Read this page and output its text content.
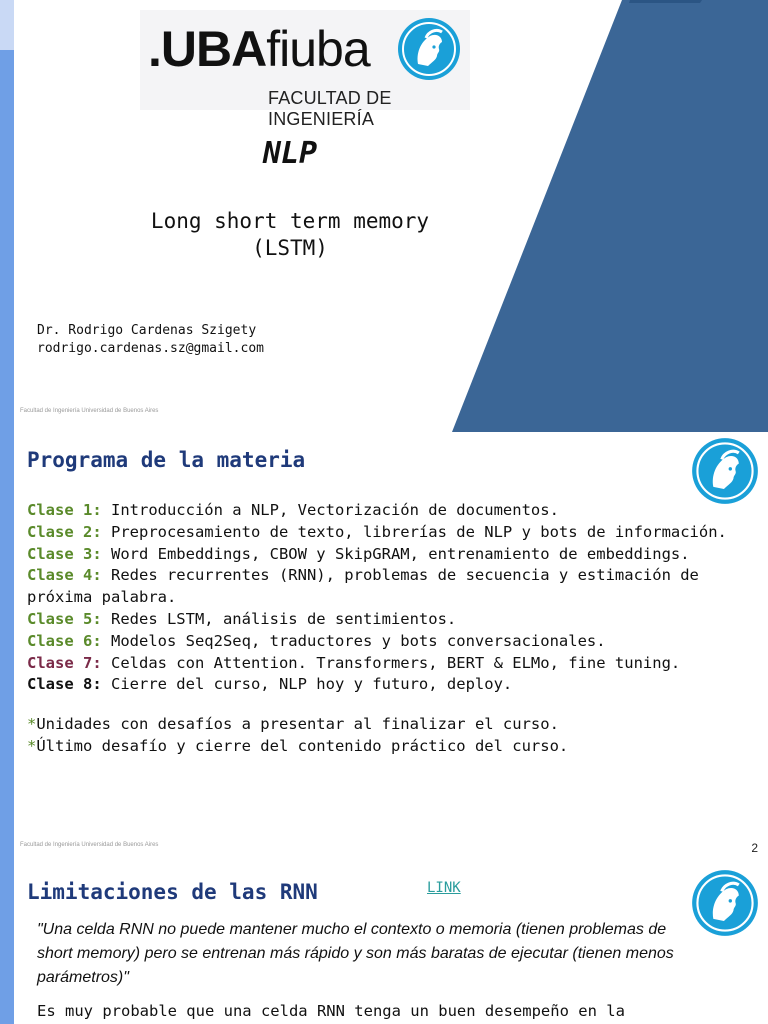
.UBAfiuba
FACULTAD DE INGENIERÍA
NLP
Long short term memory
(LSTM)
Dr. Rodrigo Cardenas Szigety
rodrigo.cardenas.sz@gmail.com
Facultad de Ingeniería Universidad de Buenos Aires
Programa de la materia
Clase 1: Introducción a NLP, Vectorización de documentos.
Clase 2: Preprocesamiento de texto, librerías de NLP y bots de información.
Clase 3: Word Embeddings, CBOW y SkipGRAM, entrenamiento de embeddings.
Clase 4: Redes recurrentes (RNN), problemas de secuencia y estimación de
próxima palabra.
Clase 5: Redes LSTM, análisis de sentimientos.
Clase 6: Modelos Seq2Seq, traductores y bots conversacionales.
Clase 7: Celdas con Attention. Transformers, BERT & ELMo, fine tuning.
Clase 8: Cierre del curso, NLP hoy y futuro, deploy.
*Unidades con desafíos a presentar al finalizar el curso.
*Último desafío y cierre del contenido práctico del curso.
Facultad de Ingeniería Universidad de Buenos Aires	2
Limitaciones de las RNN	LINK
"Una celda RNN no puede mantener mucho el contexto o memoria (tienen problemas de short memory) pero se entrenan más rápido y son más baratas de ejecutar (tienen menos parámetros)"
Es muy probable que una celda RNN tenga un buen desempeño en la
